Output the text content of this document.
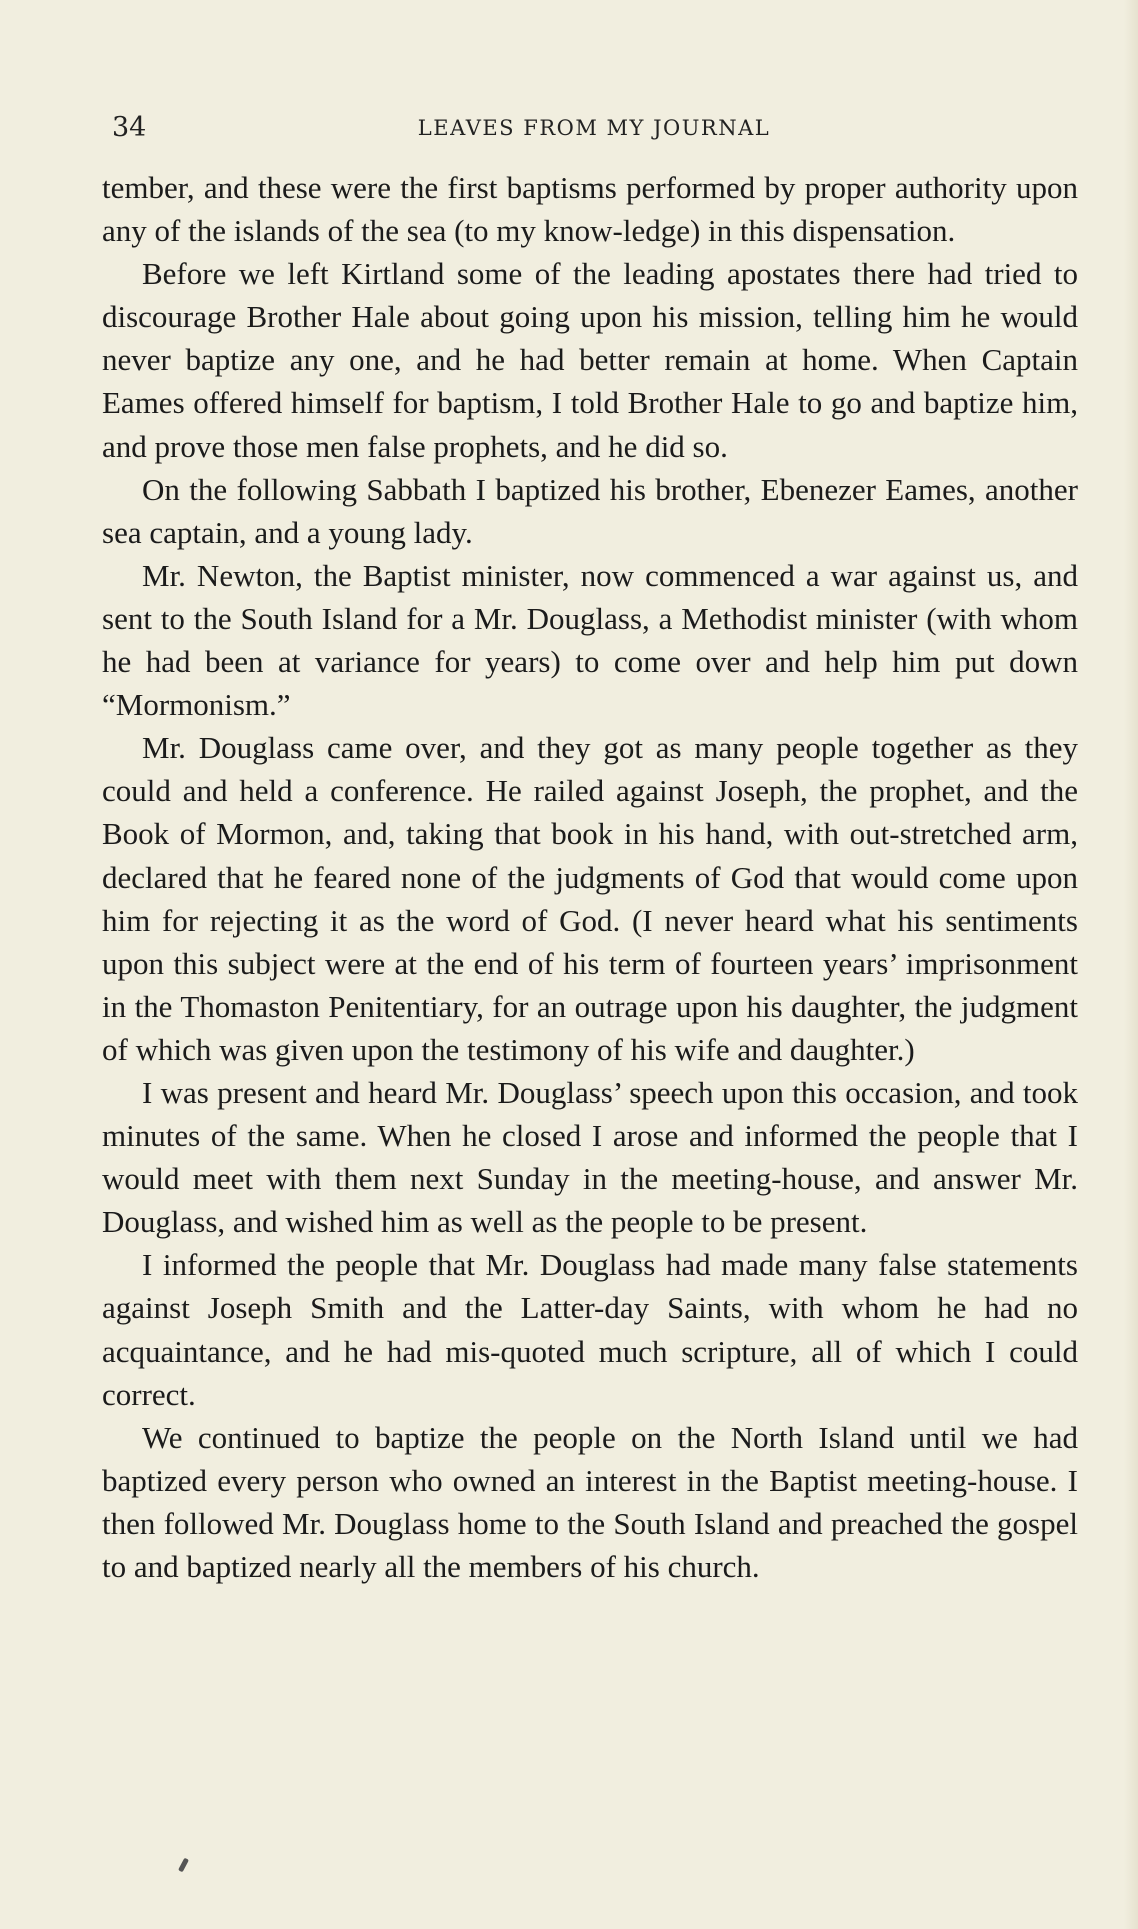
34	LEAVES FROM MY JOURNAL

tember, and these were the first baptisms performed by proper authority upon any of the islands of the sea (to my know-ledge) in this dispensation.

Before we left Kirtland some of the leading apostates there had tried to discourage Brother Hale about going upon his mission, telling him he would never baptize any one, and he had better remain at home. When Captain Eames offered himself for baptism, I told Brother Hale to go and baptize him, and prove those men false prophets, and he did so.

On the following Sabbath I baptized his brother, Ebenezer Eames, another sea captain, and a young lady.

Mr. Newton, the Baptist minister, now commenced a war against us, and sent to the South Island for a Mr. Douglass, a Methodist minister (with whom he had been at variance for years) to come over and help him put down “Mormonism.”

Mr. Douglass came over, and they got as many people together as they could and held a conference. He railed against Joseph, the prophet, and the Book of Mormon, and, taking that book in his hand, with out-stretched arm, declared that he feared none of the judgments of God that would come upon him for rejecting it as the word of God. (I never heard what his sentiments upon this subject were at the end of his term of fourteen years’ imprisonment in the Thomaston Penitentiary, for an outrage upon his daughter, the judgment of which was given upon the testimony of his wife and daughter.)

I was present and heard Mr. Douglass’ speech upon this occasion, and took minutes of the same. When he closed I arose and informed the people that I would meet with them next Sunday in the meeting-house, and answer Mr. Douglass, and wished him as well as the people to be present.

I informed the people that Mr. Douglass had made many false statements against Joseph Smith and the Latter-day Saints, with whom he had no acquaintance, and he had mis-quoted much scripture, all of which I could correct.

We continued to baptize the people on the North Island until we had baptized every person who owned an interest in the Baptist meeting-house. I then followed Mr. Douglass home to the South Island and preached the gospel to and baptized nearly all the members of his church.
